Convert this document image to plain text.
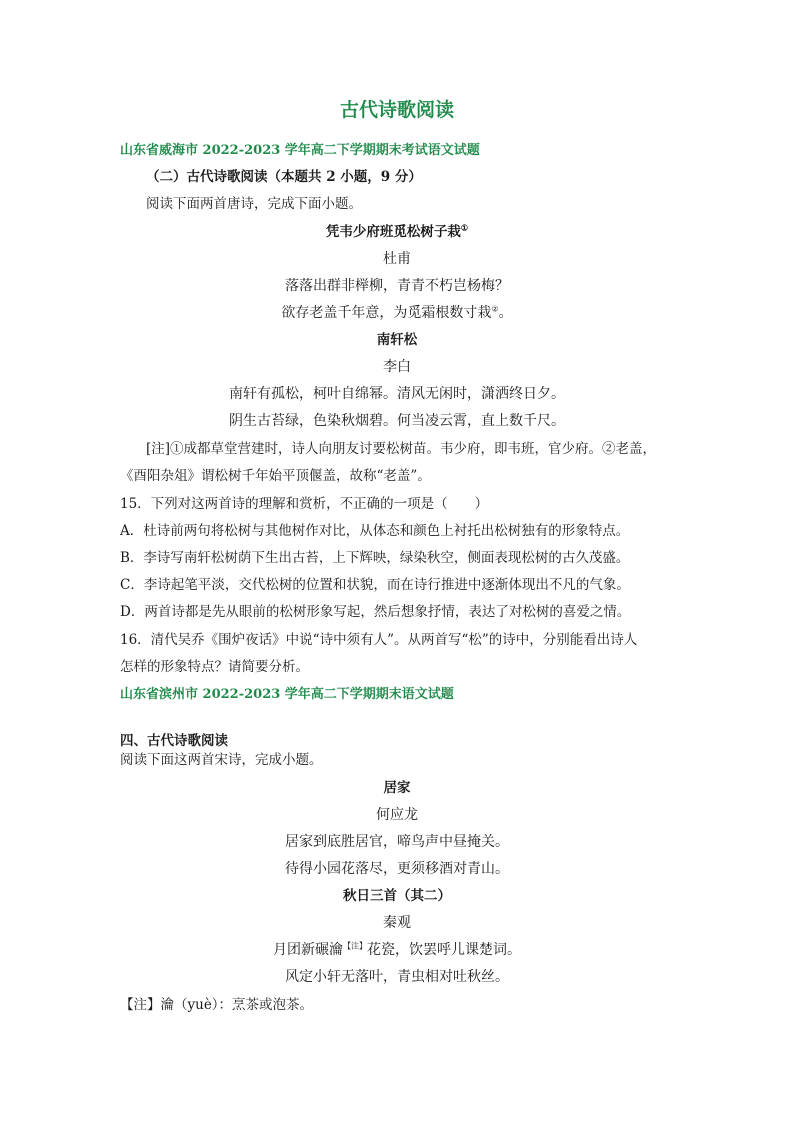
古代诗歌阅读
山东省威海市 2022-2023 学年高二下学期期末考试语文试题
（二）古代诗歌阅读（本题共 2 小题，9 分）
阅读下面两首唐诗，完成下面小题。
凭韦少府班觅松树子栽①
杜甫
落落出群非榉柳，青青不朽岂杨梅？
欲存老盖千年意，为觅霜根数寸栽②。
南轩松
李白
南轩有孤松，柯叶自绵幂。清风无闲时，潇洒终日夕。
阴生古苔绿，色染秋烟碧。何当凌云霄，直上数千尺。
[注]①成都草堂营建时，诗人向朋友讨要松树苗。韦少府，即韦班，官少府。②老盖，
《酉阳杂俎》谓松树千年始平顶偃盖，故称“老盖”。
15．下列对这两首诗的理解和赏析，不正确的一项是（　　）
A．杜诗前两句将松树与其他树作对比，从体态和颜色上衬托出松树独有的形象特点。
B．李诗写南轩松树荫下生出古苔，上下辉映，绿染秋空，侧面表现松树的古久茂盛。
C．李诗起笔平淡，交代松树的位置和状貌，而在诗行推进中逐渐体现出不凡的气象。
D．两首诗都是先从眼前的松树形象写起，然后想象抒情，表达了对松树的喜爱之情。
16．清代吴乔《围炉夜话》中说“诗中须有人”。从两首写“松”的诗中，分别能看出诗人
怎样的形象特点？请简要分析。
山东省滨州市 2022-2023 学年高二下学期期末语文试题
四、古代诗歌阅读
阅读下面这两首宋诗，完成小题。
居家
何应龙
居家到底胜居官，啼鸟声中昼掩关。
待得小园花落尽，更须移酒对青山。
秋日三首（其二）
秦观
月团新碾瀹$^{【注】}$花瓷，饮罢呼儿课楚词。
风定小轩无落叶，青虫相对吐秋丝。
【注】瀹（yuè）：烹茶或泡茶。
